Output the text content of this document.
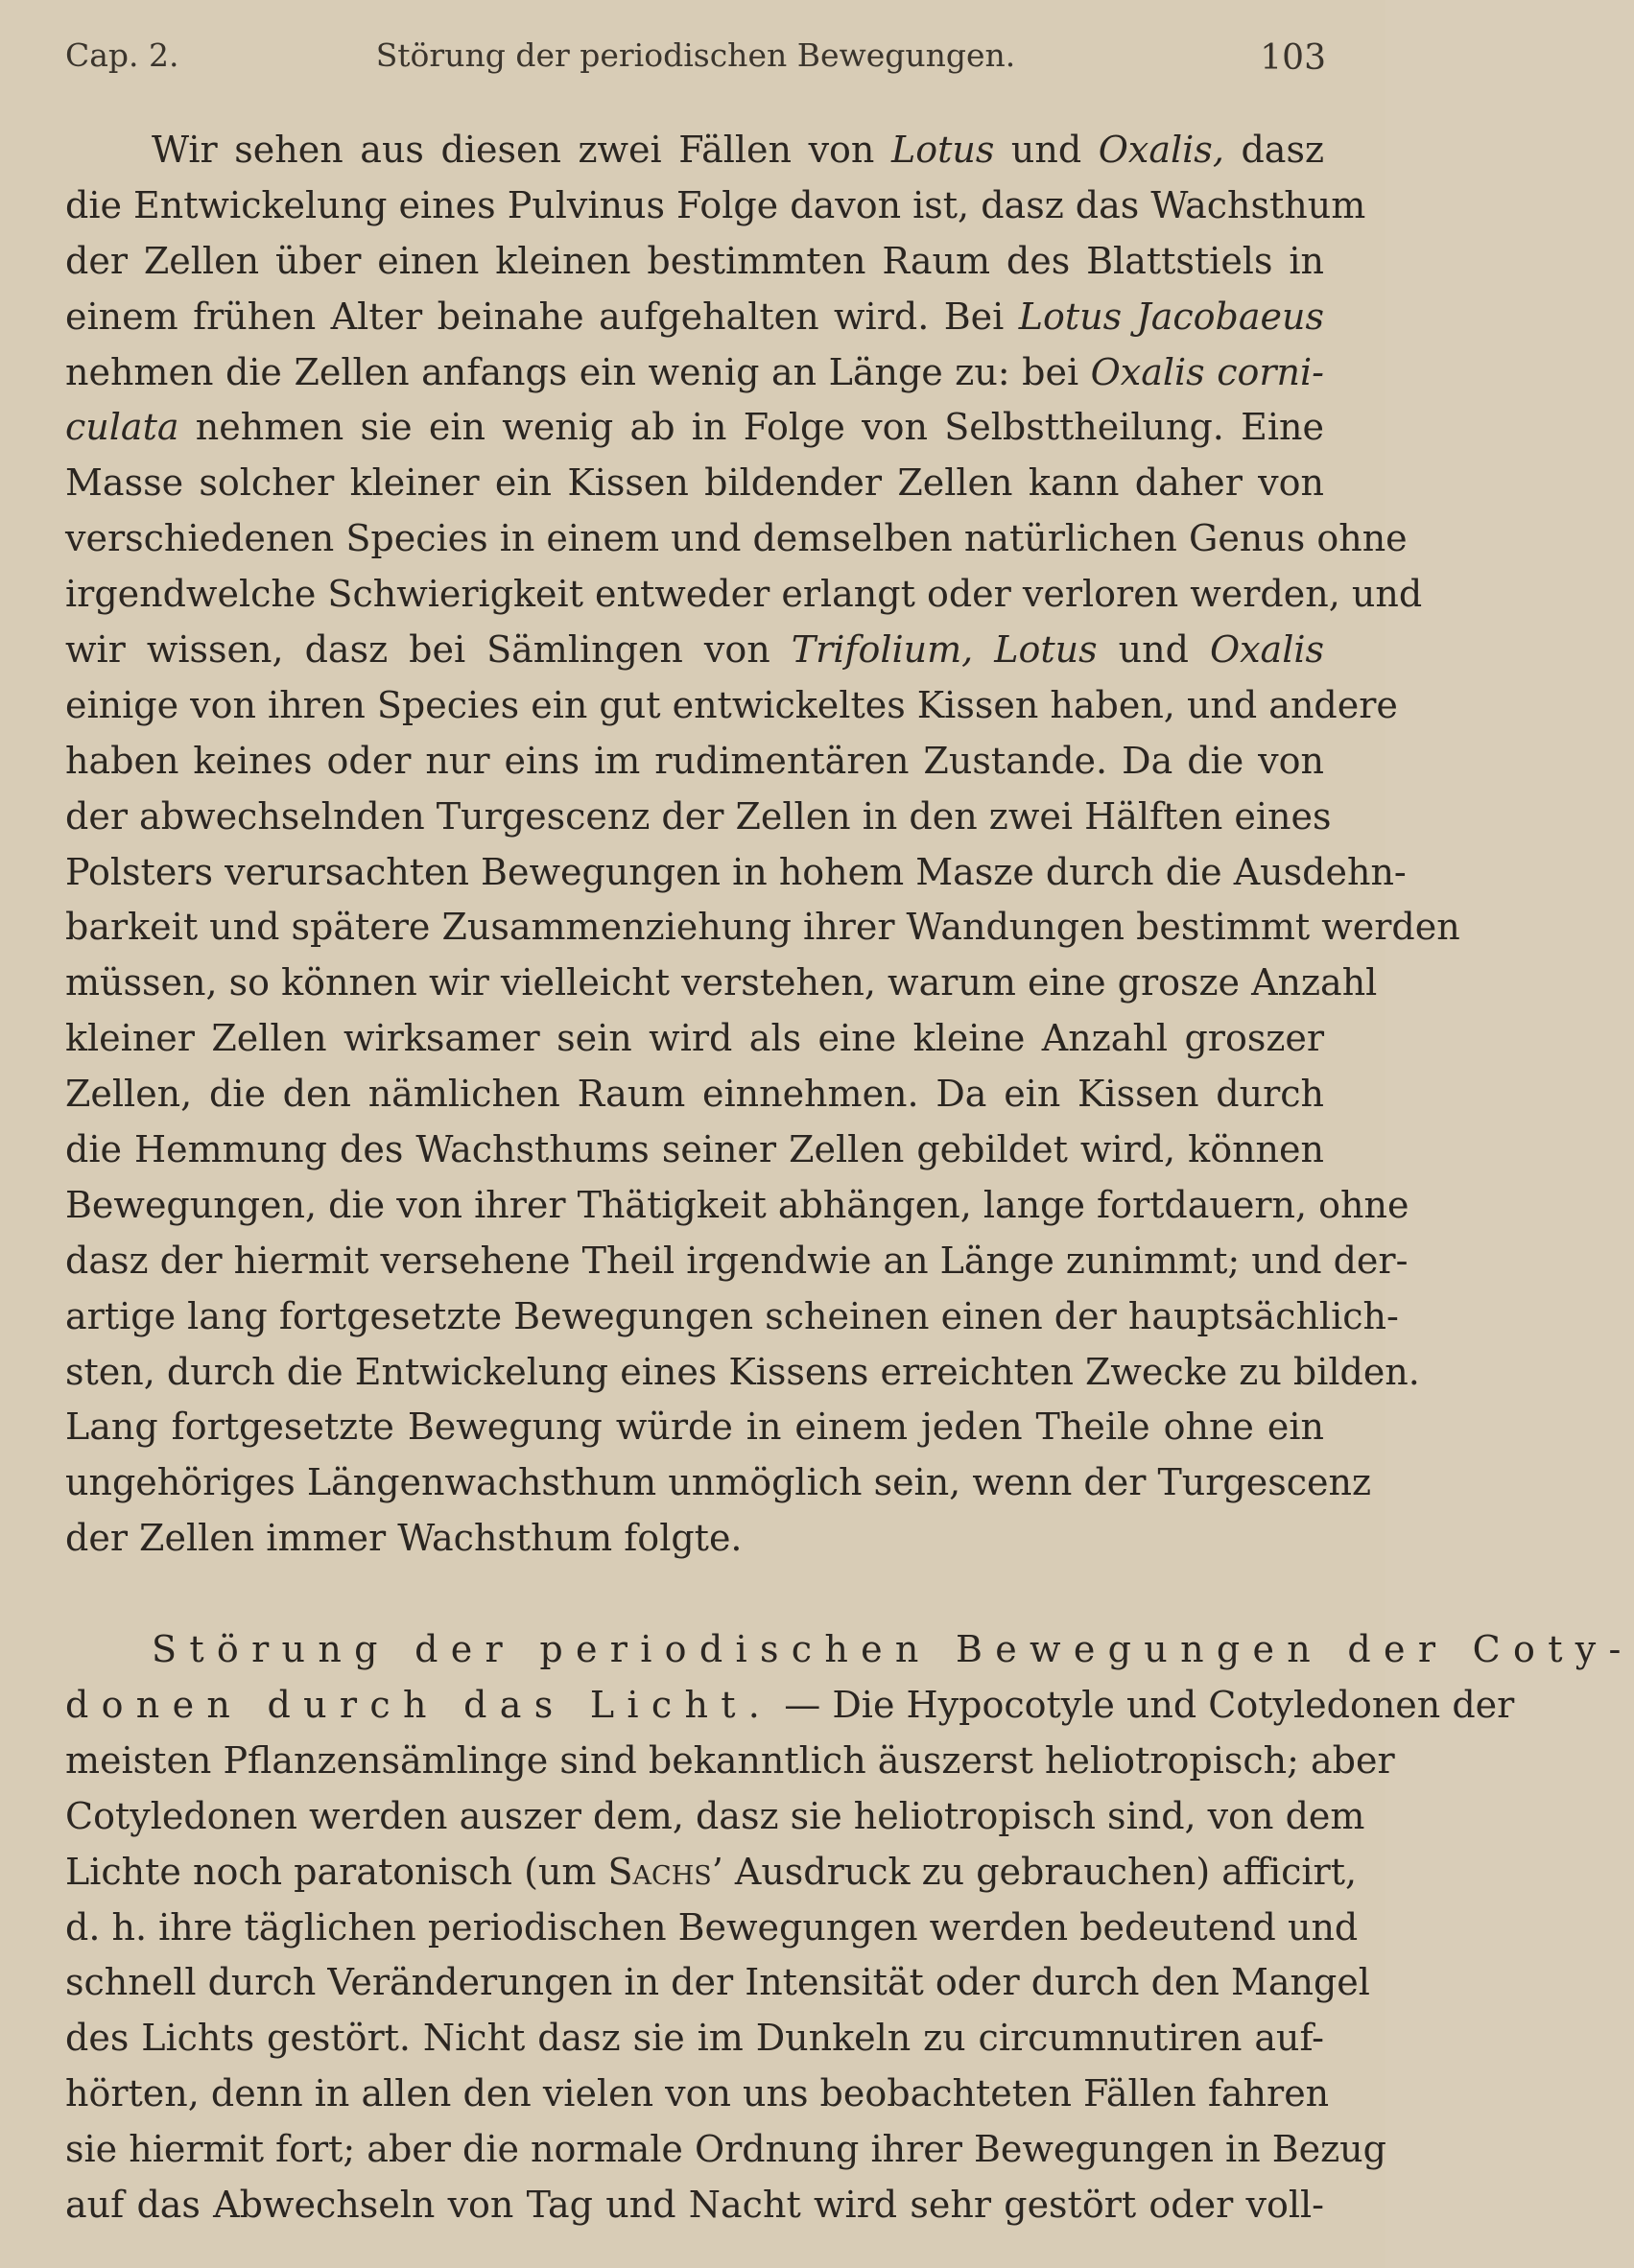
Cap. 2.	Störung der periodischen Bewegungen.	103
Wir sehen aus diesen zwei Fällen von Lotus und Oxalis, dasz
die Entwickelung eines Pulvinus Folge davon ist, dasz das Wachsthum
der Zellen über einen kleinen bestimmten Raum des Blattstiels in
einem frühen Alter beinahe aufgehalten wird. Bei Lotus Jacobaeus
nehmen die Zellen anfangs ein wenig an Länge zu: bei Oxalis corni-
culata nehmen sie ein wenig ab in Folge von Selbsttheilung. Eine
Masse solcher kleiner ein Kissen bildender Zellen kann daher von
verschiedenen Species in einem und demselben natürlichen Genus ohne
irgendwelche Schwierigkeit entweder erlangt oder verloren werden, und
wir wissen, dasz bei Sämlingen von Trifolium, Lotus und Oxalis
einige von ihren Species ein gut entwickeltes Kissen haben, und andere
haben keines oder nur eins im rudimentären Zustande. Da die von
der abwechselnden Turgescenz der Zellen in den zwei Hälften eines
Polsters verursachten Bewegungen in hohem Masze durch die Ausdehn-
barkeit und spätere Zusammenziehung ihrer Wandungen bestimmt werden
müssen, so können wir vielleicht verstehen, warum eine grosze Anzahl
kleiner Zellen wirksamer sein wird als eine kleine Anzahl groszer
Zellen, die den nämlichen Raum einnehmen. Da ein Kissen durch
die Hemmung des Wachsthums seiner Zellen gebildet wird, können
Bewegungen, die von ihrer Thätigkeit abhängen, lange fortdauern, ohne
dasz der hiermit versehene Theil irgendwie an Länge zunimmt; und der-
artige lang fortgesetzte Bewegungen scheinen einen der hauptsächlich-
sten, durch die Entwickelung eines Kissens erreichten Zwecke zu bilden.
Lang fortgesetzte Bewegung würde in einem jeden Theile ohne ein
ungehöriges Längenwachsthum unmöglich sein, wenn der Turgescenz
der Zellen immer Wachsthum folgte.
Störung der periodischen Bewegungen der Coty-
donen durch das Licht. — Die Hypocotyle und Cotyledonen der
meisten Pflanzensämlinge sind bekanntlich äuszerst heliotropisch; aber
Cotyledonen werden auszer dem, dasz sie heliotropisch sind, von dem
Lichte noch paratonisch (um Sachs’ Ausdruck zu gebrauchen) afficirt,
d. h. ihre täglichen periodischen Bewegungen werden bedeutend und
schnell durch Veränderungen in der Intensität oder durch den Mangel
des Lichts gestört. Nicht dasz sie im Dunkeln zu circumnutiren auf-
hörten, denn in allen den vielen von uns beobachteten Fällen fahren
sie hiermit fort; aber die normale Ordnung ihrer Bewegungen in Bezug
auf das Abwechseln von Tag und Nacht wird sehr gestört oder voll-
